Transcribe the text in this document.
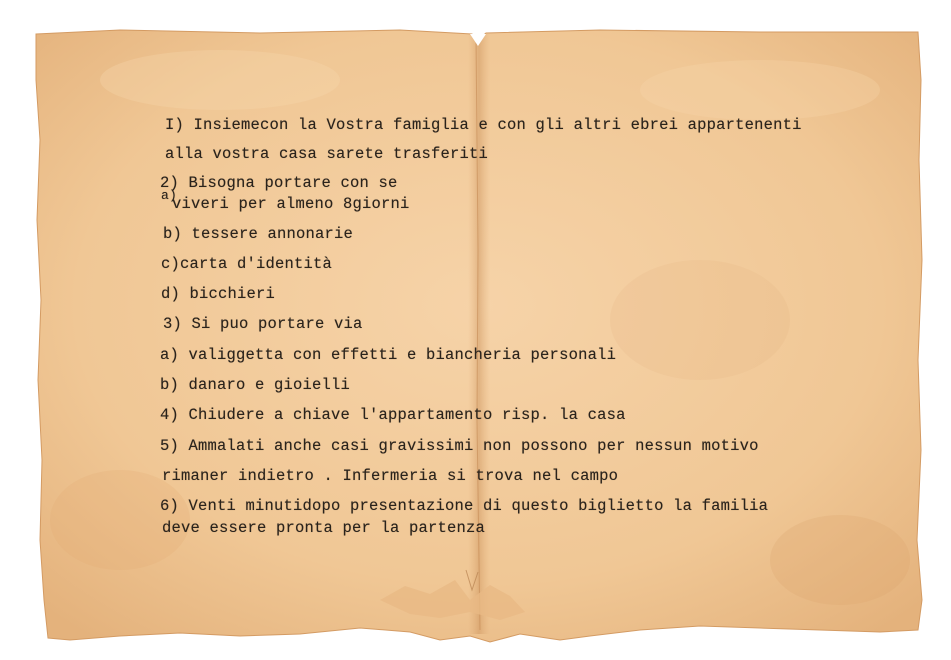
I) Insiemecon la Vostra famiglia e con gli altri ebrei appartenenti
alla vostra casa sarete trasferiti
2) Bisogna portare con se
a)
viveri per almeno 8giorni
b) tessere annonarie
c)carta d'identità
d) bicchieri
3) Si puo portare via
a) valiggetta con effetti e biancheria personali
b) danaro e gioielli
4) Chiudere a chiave l'appartamento risp. la casa
5) Ammalati anche casi gravissimi non possono per nessun motivo
rimaner indietro . Infermeria si trova nel campo
6) Venti minutidopo presentazione di questo biglietto la familia
deve essere pronta per la partenza
